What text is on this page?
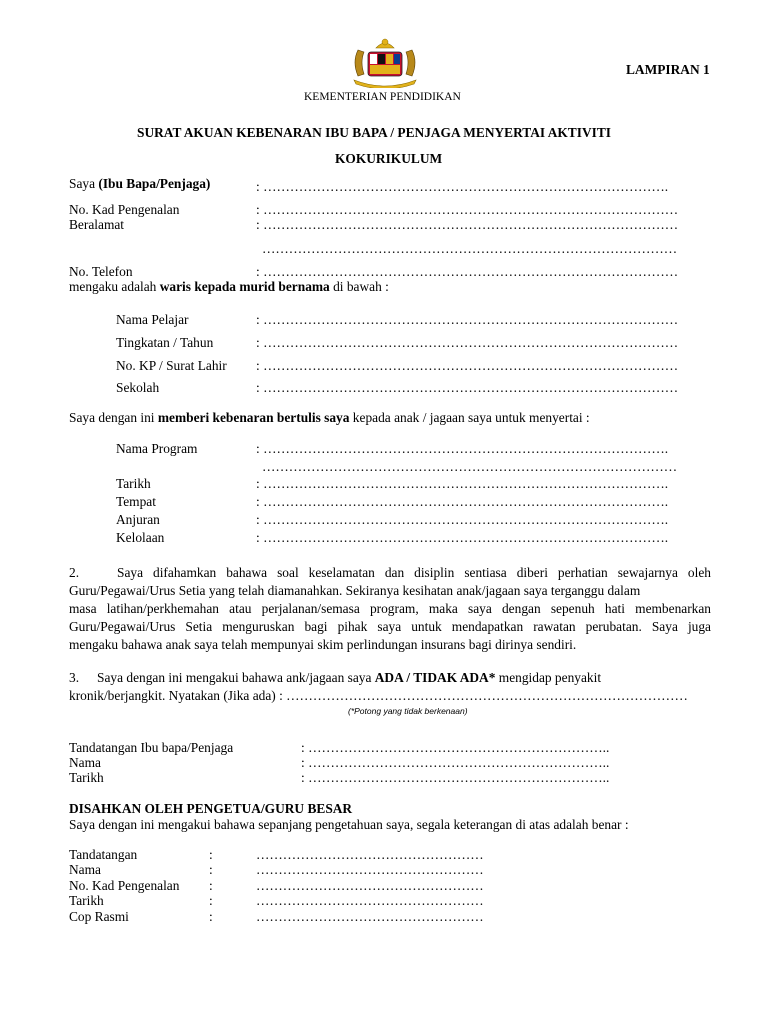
LAMPIRAN 1
KEMENTERIAN PENDIDIKAN
SURAT AKUAN KEBENARAN IBU BAPA / PENJAGA MENYERTAI AKTIVITI
KOKURIKULUM
Saya (Ibu Bapa/Penjaga)	: ……………………………………………………………………………….
No. Kad Pengenalan	: …………………………………………………………………………………
Beralamat	: …………………………………………………………………………………
…………………………………………………………………………………
No. Telefon	: …………………………………………………………………………………
mengaku adalah waris kepada murid bernama di bawah :
Nama Pelajar	: …………………………………………………………………………………
Tingkatan / Tahun	: …………………………………………………………………………………
No. KP / Surat Lahir : …………………………………………………………………………………
Sekolah	: …………………………………………………………………………………
Saya dengan ini memberi kebenaran bertulis saya kepada anak / jagaan saya untuk menyertai :
Nama Program	: ……………………………………………………………………………….
…………………………………………………………………………………
Tarikh	: ……………………………………………………………………………….
Tempat	: ……………………………………………………………………………….
Anjuran	: ……………………………………………………………………………….
Kelolaan	: ……………………………………………………………………………….
2.	Saya difahamkan bahawa soal keselamatan dan disiplin sentiasa diberi perhatian sewajarnya oleh
Guru/Pegawai/Urus Setia yang telah diamanahkan. Sekiranya kesihatan anak/jagaan saya terganggu dalam
masa latihan/perkhemahan atau perjalanan/semasa program, maka saya dengan sepenuh hati membenarkan
Guru/Pegawai/Urus Setia menguruskan bagi pihak saya untuk mendapatkan rawatan perubatan. Saya juga
mengaku bahawa anak saya telah mempunyai skim perlindungan insurans bagi dirinya sendiri.
3. Saya dengan ini mengakui bahawa ank/jagaan saya ADA / TIDAK ADA* mengidap penyakit
kronik/berjangkit. Nyatakan (Jika ada) : ………………………………………………………………………………
(*Potong yang tidak berkenaan)
Tandatangan Ibu bapa/Penjaga	: …………………………………………………………..
Nama	: …………………………………………………………..
Tarikh	: …………………………………………………………..
DISAHKAN OLEH PENGETUA/GURU BESAR
Saya dengan ini mengakui bahawa sepanjang pengetahuan saya, segala keterangan di atas adalah benar :
Tandatangan	:	……………………………………………
Nama	:	……………………………………………
No. Kad Pengenalan :	……………………………………………
Tarikh	:	……………………………………………
Cop Rasmi	:	……………………………………………
